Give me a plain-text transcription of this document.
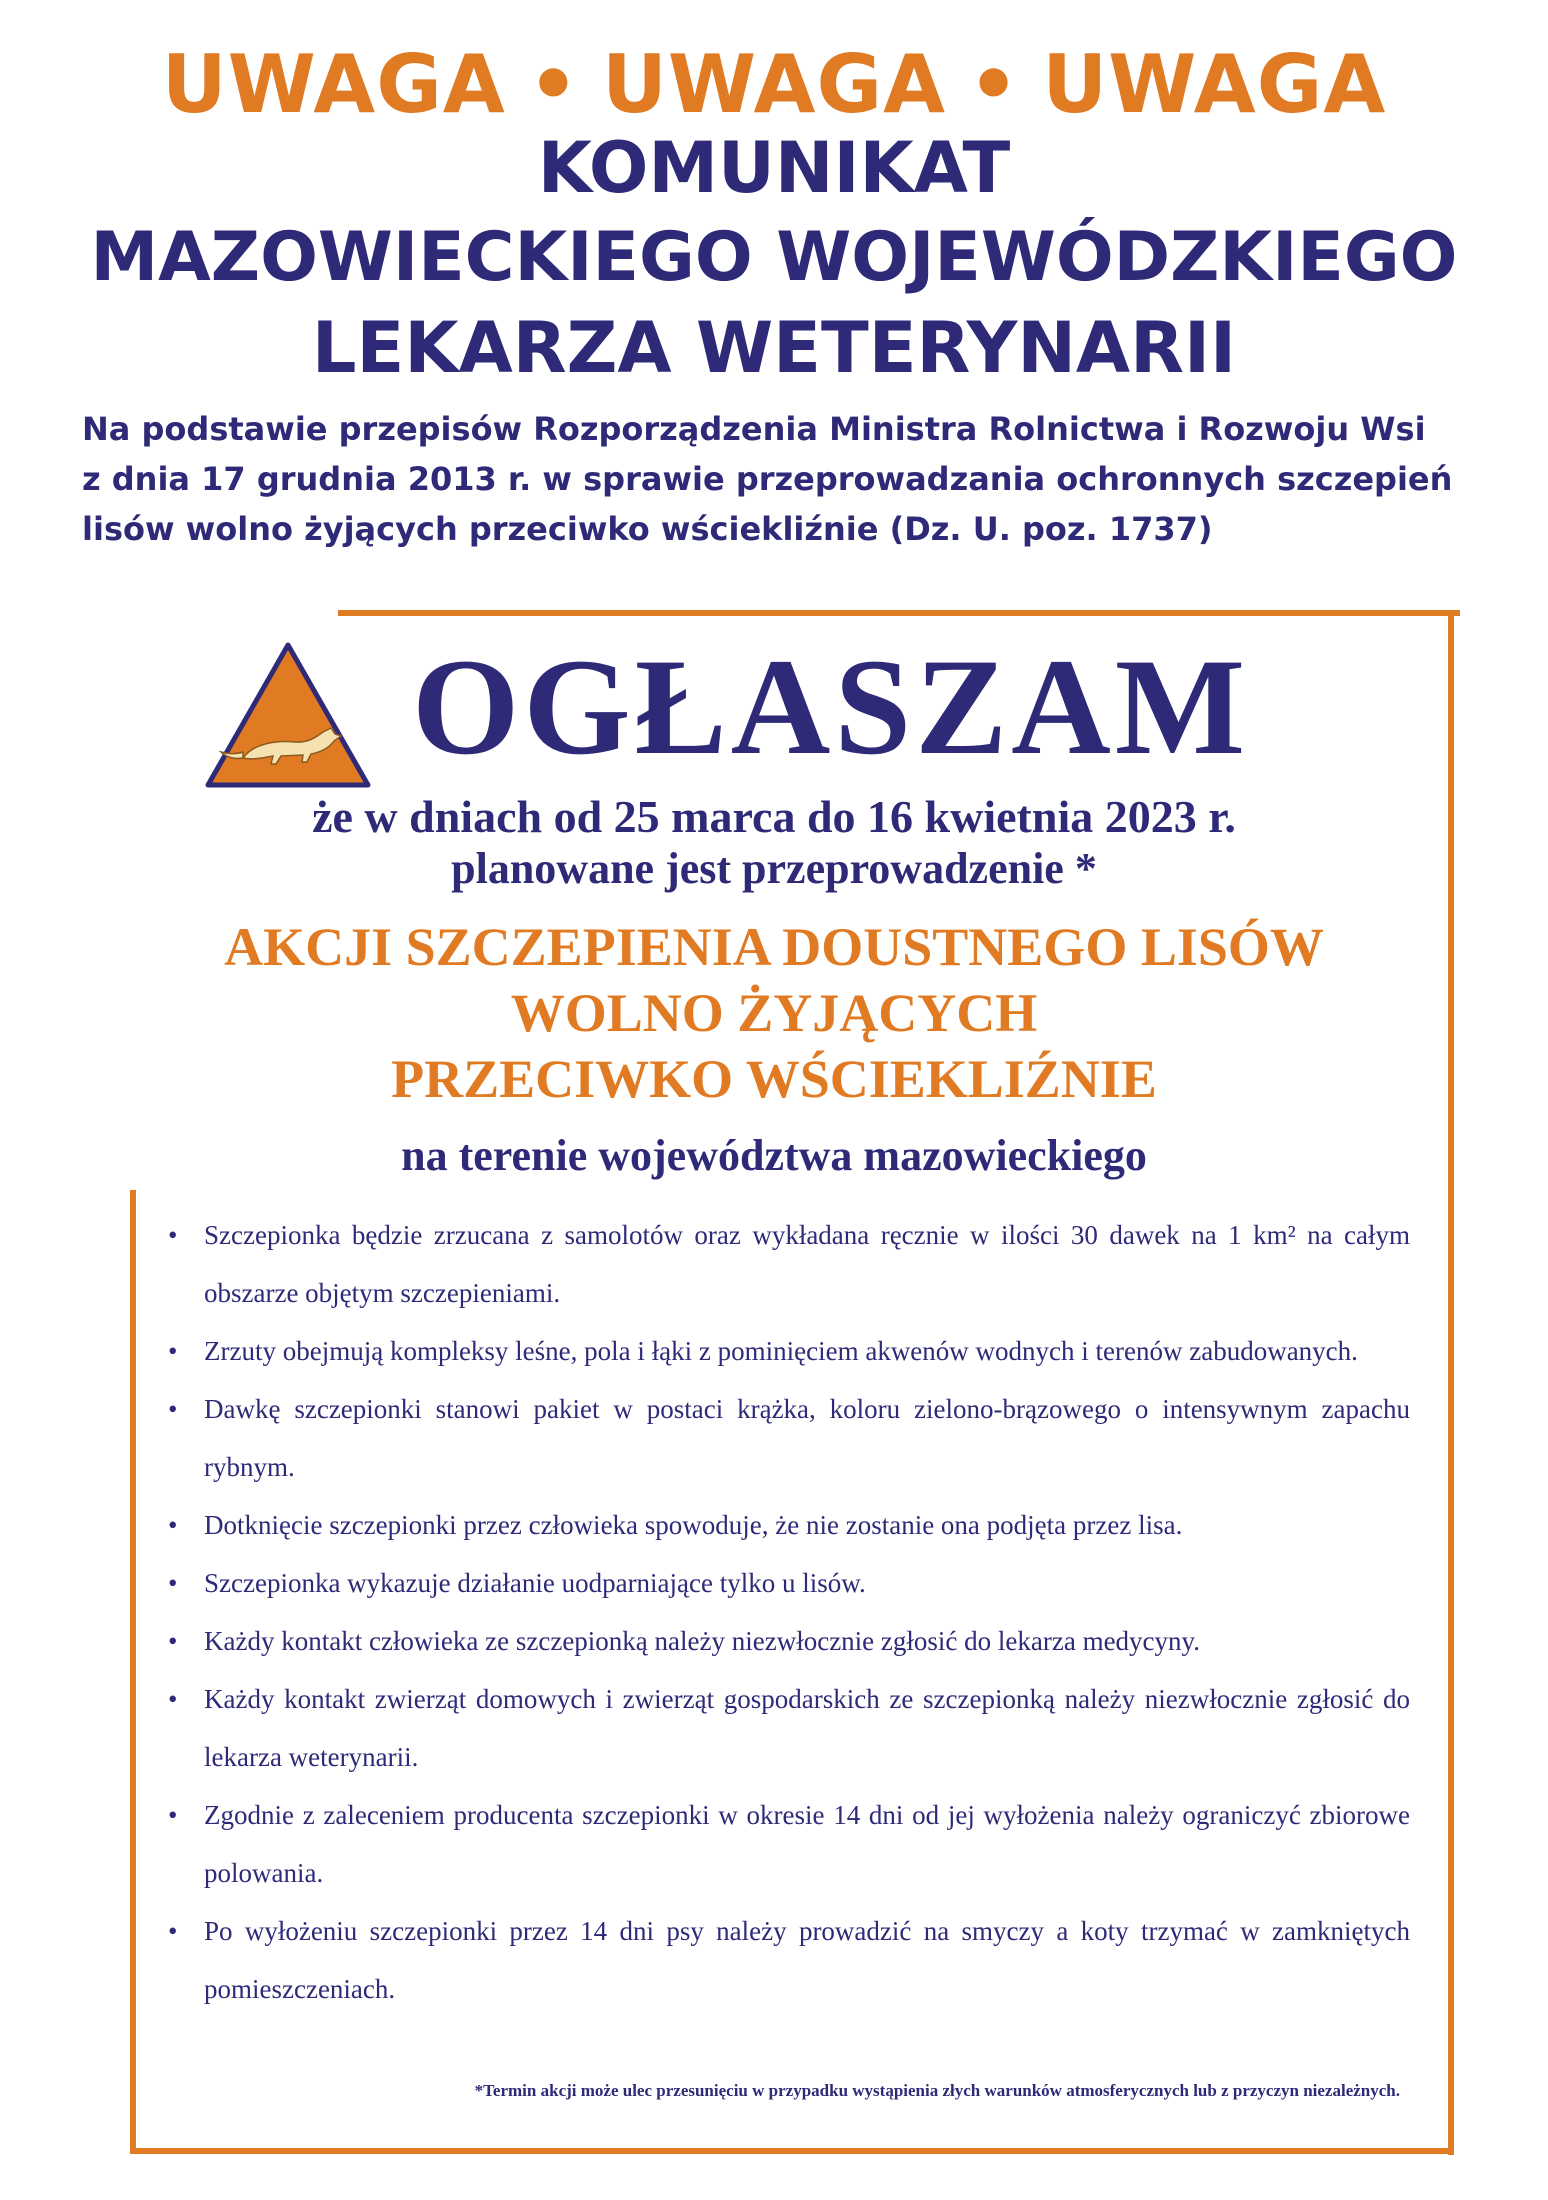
UWAGA • UWAGA • UWAGA
KOMUNIKAT
MAZOWIECKIEGO WOJEWÓDZKIEGO
LEKARZA WETERYNARII
Na podstawie przepisów Rozporządzenia Ministra Rolnictwa i Rozwoju Wsi
z dnia 17 grudnia 2013 r. w sprawie przeprowadzania ochronnych szczepień
lisów wolno żyjących przeciwko wściekliźnie (Dz. U. poz. 1737)
OGŁASZAM
że w dniach od 25 marca do 16 kwietnia 2023 r.
planowane jest przeprowadzenie *
AKCJI SZCZEPIENIA DOUSTNEGO LISÓW
WOLNO ŻYJĄCYCH
PRZECIWKO WŚCIEKLIŹNIE
na terenie województwa mazowieckiego
• Szczepionka będzie zrzucana z samolotów oraz wykładana ręcznie w ilości 30 dawek na 1 km² na całym obszarze objętym szczepieniami.
• Zrzuty obejmują kompleksy leśne, pola i łąki z pominięciem akwenów wodnych i terenów zabudowanych.
• Dawkę szczepionki stanowi pakiet w postaci krążka, koloru zielono-brązowego o intensywnym zapachu rybnym.
• Dotknięcie szczepionki przez człowieka spowoduje, że nie zostanie ona podjęta przez lisa.
• Szczepionka wykazuje działanie uodparniające tylko u lisów.
• Każdy kontakt człowieka ze szczepionką należy niezwłocznie zgłosić do lekarza medycyny.
• Każdy kontakt zwierząt domowych i zwierząt gospodarskich ze szczepionką należy niezwłocznie zgłosić do lekarza weterynarii.
• Zgodnie z zaleceniem producenta szczepionki w okresie 14 dni od jej wyłożenia należy ograniczyć zbiorowe polowania.
• Po wyłożeniu szczepionki przez 14 dni psy należy prowadzić na smyczy a koty trzymać w zamkniętych pomieszczeniach.
*Termin akcji może ulec przesunięciu w przypadku wystąpienia złych warunków atmosferycznych lub z przyczyn niezależnych.
